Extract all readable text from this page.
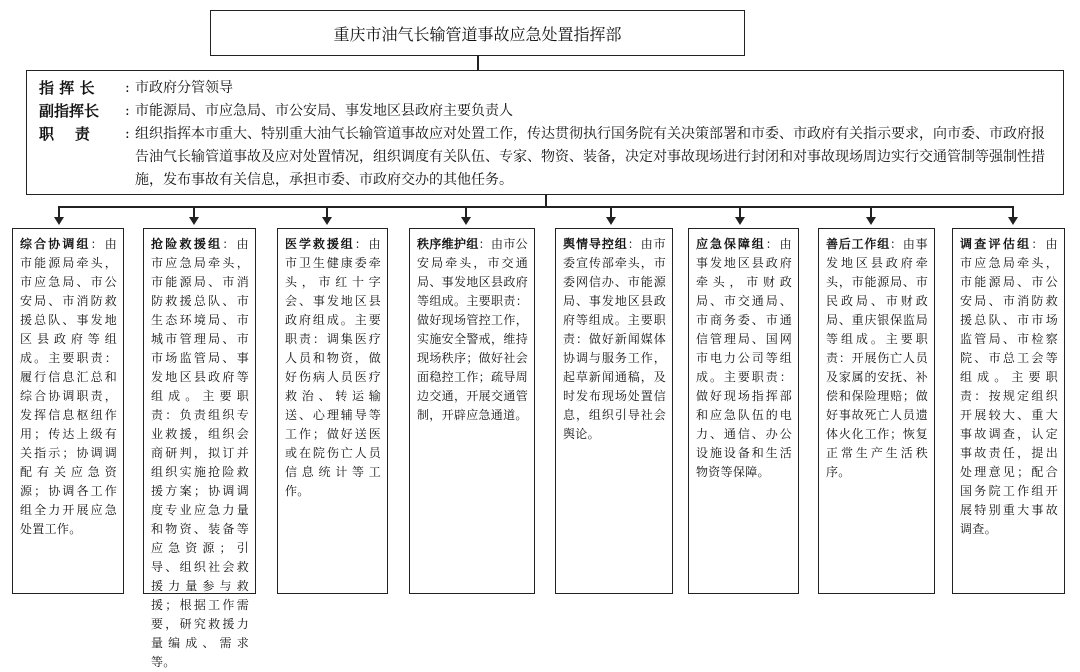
重庆市油气长输管道事故应急处置指挥部
指 挥 长	: 市政府分管领导
副指挥长	: 市能源局、市应急局、市公安局、事发地区县政府主要负责人
职    责	: 组织指挥本市重大、特别重大油气长输管道事故应对处置工作，传达贯彻执行国务院有关决策部署和市委、市政府有关指示要求，向市委、市政府报告油气长输管道事故及应对处置情况，组织调度有关队伍、专家、物资、装备，决定对事故现场进行封闭和对事故现场周边实行交通管制等强制性措施，发布事故有关信息，承担市委、市政府交办的其他任务。
综合协调组：由市能源局牵头，市应急局、市公安局、市消防救援总队、事发地区县政府等组成。主要职责：履行信息汇总和综合协调职责，发挥信息枢纽作用；传达上级有关指示；协调调配有关应急资源；协调各工作组全力开展应急处置工作。
抢险救援组：由市应急局牵头，市能源局、市消防救援总队、市生态环境局、市城市管理局、市市场监管局、事发地区县政府等组成。主要职责：负责组织专业救援，组织会商研判，拟订并组织实施抢险救援方案；协调调度专业应急力量和物资、装备等应急资源；引导、组织社会救援力量参与救援；根据工作需要，研究救援力量编成、需求等。
医学救援组：由市卫生健康委牵头，市红十字会、事发地区县政府组成。主要职责：调集医疗人员和物资，做好伤病人员医疗救治、转运输送、心理辅导等工作；做好送医或在院伤亡人员信息统计等工作。
秩序维护组：由市公安局牵头，市交通局、事发地区县政府等组成。主要职责：做好现场管控工作，实施安全警戒，维持现场秩序；做好社会面稳控工作；疏导周边交通，开展交通管制，开辟应急通道。
舆情导控组：由市委宣传部牵头，市委网信办、市能源局、事发地区县政府等组成。主要职责：做好新闻媒体协调与服务工作，起草新闻通稿，及时发布现场处置信息，组织引导社会舆论。
应急保障组：由事发地区县政府牵头，市财政局、市交通局、市商务委、市通信管理局、国网市电力公司等组成。主要职责：做好现场指挥部和应急队伍的电力、通信、办公设施设备和生活物资等保障。
善后工作组：由事发地区县政府牵头，市能源局、市民政局、市财政局、重庆银保监局等组成。主要职责：开展伤亡人员及家属的安抚、补偿和保险理赔；做好事故死亡人员遗体火化工作；恢复正常生产生活秩序。
调查评估组：由市应急局牵头，市能源局、市公安局、市消防救援总队、市市场监管局、市检察院、市总工会等组成。主要职责：按规定组织开展较大、重大事故调查，认定事故责任，提出处理意见；配合国务院工作组开展特别重大事故调查。
